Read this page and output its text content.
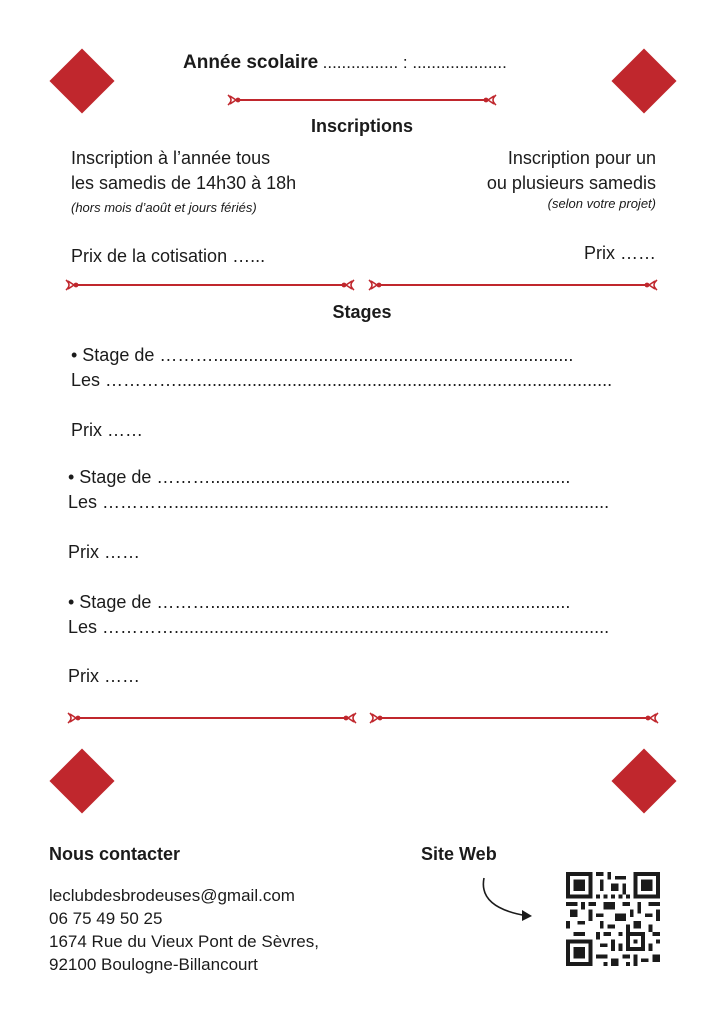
Année scolaire ................ : ....................
Inscriptions
Inscription à l’année tous
les samedis de 14h30 à 18h
(hors mois d’août et jours fériés)
Inscription pour un
ou plusieurs samedis
(selon votre projet)
Prix de la cotisation …...	Prix ……
Stages
• Stage de ………........................................................................
Les ………….......................................................................................
Prix ……
• Stage de ………........................................................................
Les ………….......................................................................................
Prix ……
• Stage de ………........................................................................
Les ………….......................................................................................
Prix ……
Nous contacter
leclubdesbrodeuses@gmail.com
06 75 49 50 25
1674 Rue du Vieux Pont de Sèvres,
92100 Boulogne-Billancourt
Site Web
